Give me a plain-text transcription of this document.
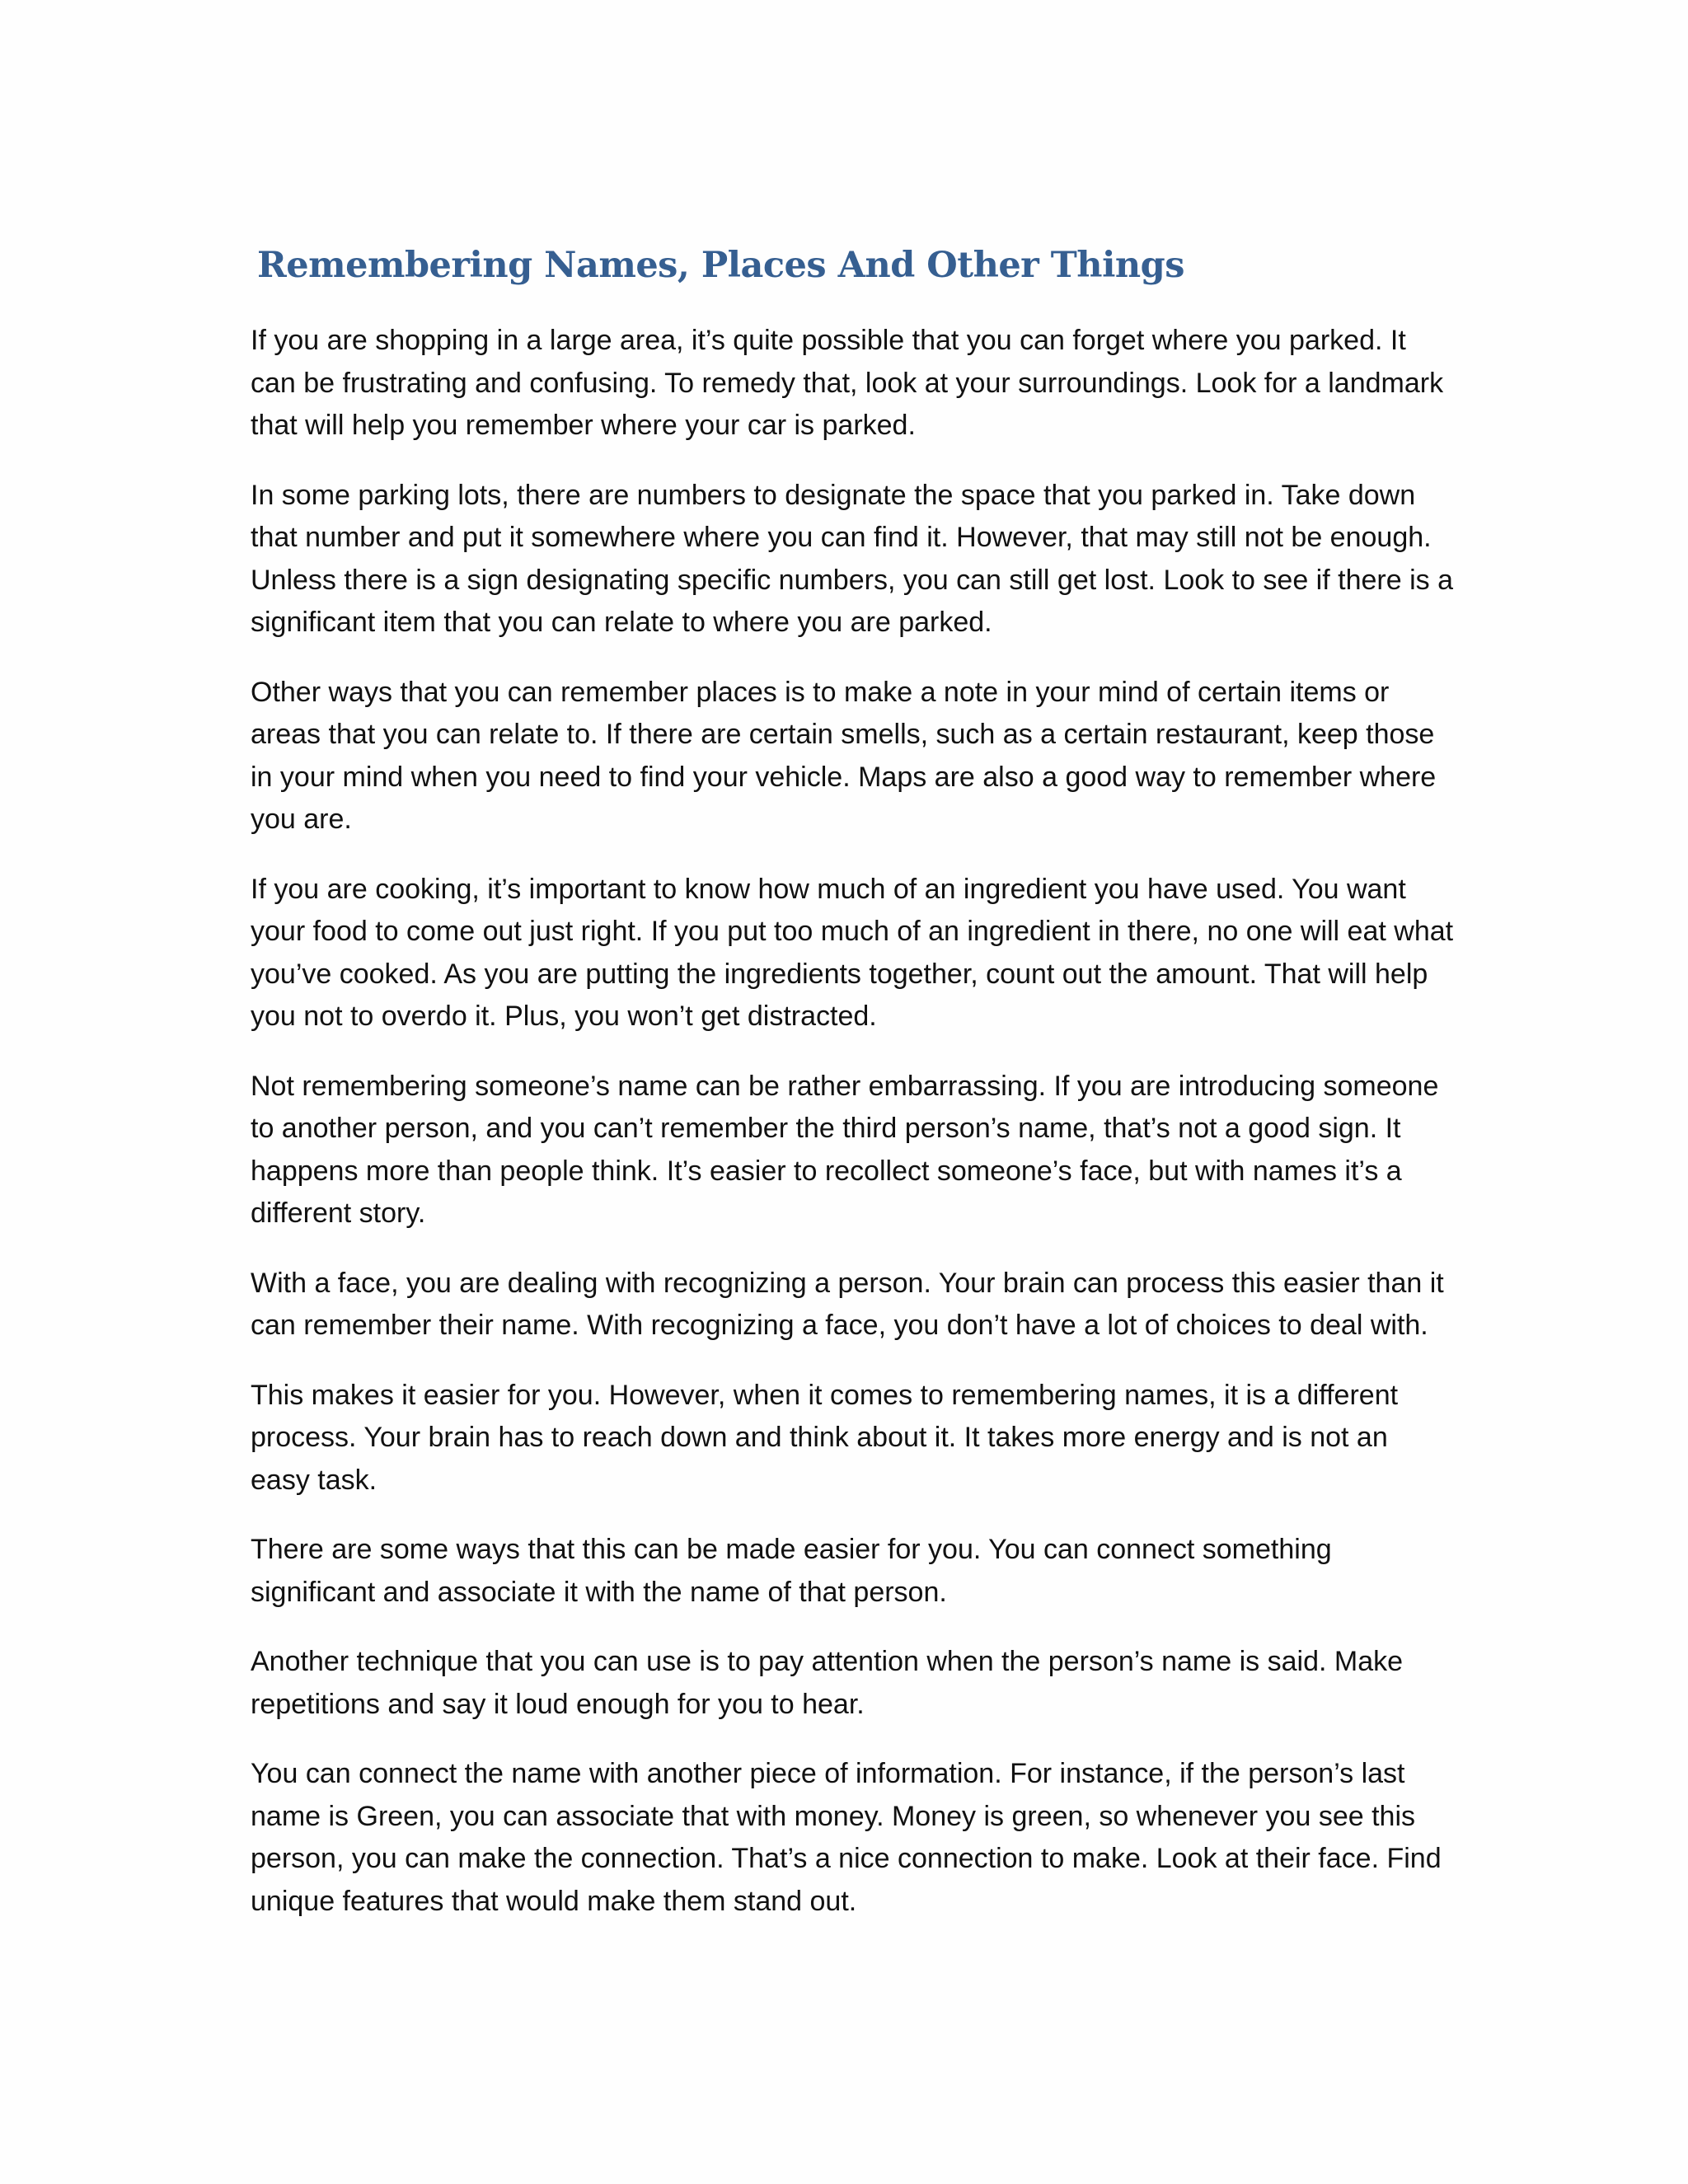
Remembering Names, Places And Other Things

If you are shopping in a large area, it’s quite possible that you can forget where you parked. It can be frustrating and confusing. To remedy that, look at your surroundings. Look for a landmark that will help you remember where your car is parked.

In some parking lots, there are numbers to designate the space that you parked in. Take down that number and put it somewhere where you can find it. However, that may still not be enough. Unless there is a sign designating specific numbers, you can still get lost. Look to see if there is a significant item that you can relate to where you are parked.

Other ways that you can remember places is to make a note in your mind of certain items or areas that you can relate to. If there are certain smells, such as a certain restaurant, keep those in your mind when you need to find your vehicle. Maps are also a good way to remember where you are.

If you are cooking, it’s important to know how much of an ingredient you have used. You want your food to come out just right. If you put too much of an ingredient in there, no one will eat what you’ve cooked. As you are putting the ingredients together, count out the amount. That will help you not to overdo it. Plus, you won’t get distracted.

Not remembering someone’s name can be rather embarrassing. If you are introducing someone to another person, and you can’t remember the third person’s name, that’s not a good sign. It happens more than people think. It’s easier to recollect someone’s face, but with names it’s a different story.

With a face, you are dealing with recognizing a person. Your brain can process this easier than it can remember their name. With recognizing a face, you don’t have a lot of choices to deal with.

This makes it easier for you. However, when it comes to remembering names, it is a different process. Your brain has to reach down and think about it. It takes more energy and is not an easy task.

There are some ways that this can be made easier for you. You can connect something significant and associate it with the name of that person.

Another technique that you can use is to pay attention when the person’s name is said. Make repetitions and say it loud enough for you to hear.

You can connect the name with another piece of information. For instance, if the person’s last name is Green, you can associate that with money. Money is green, so whenever you see this person, you can make the connection. That’s a nice connection to make. Look at their face. Find unique features that would make them stand out.
